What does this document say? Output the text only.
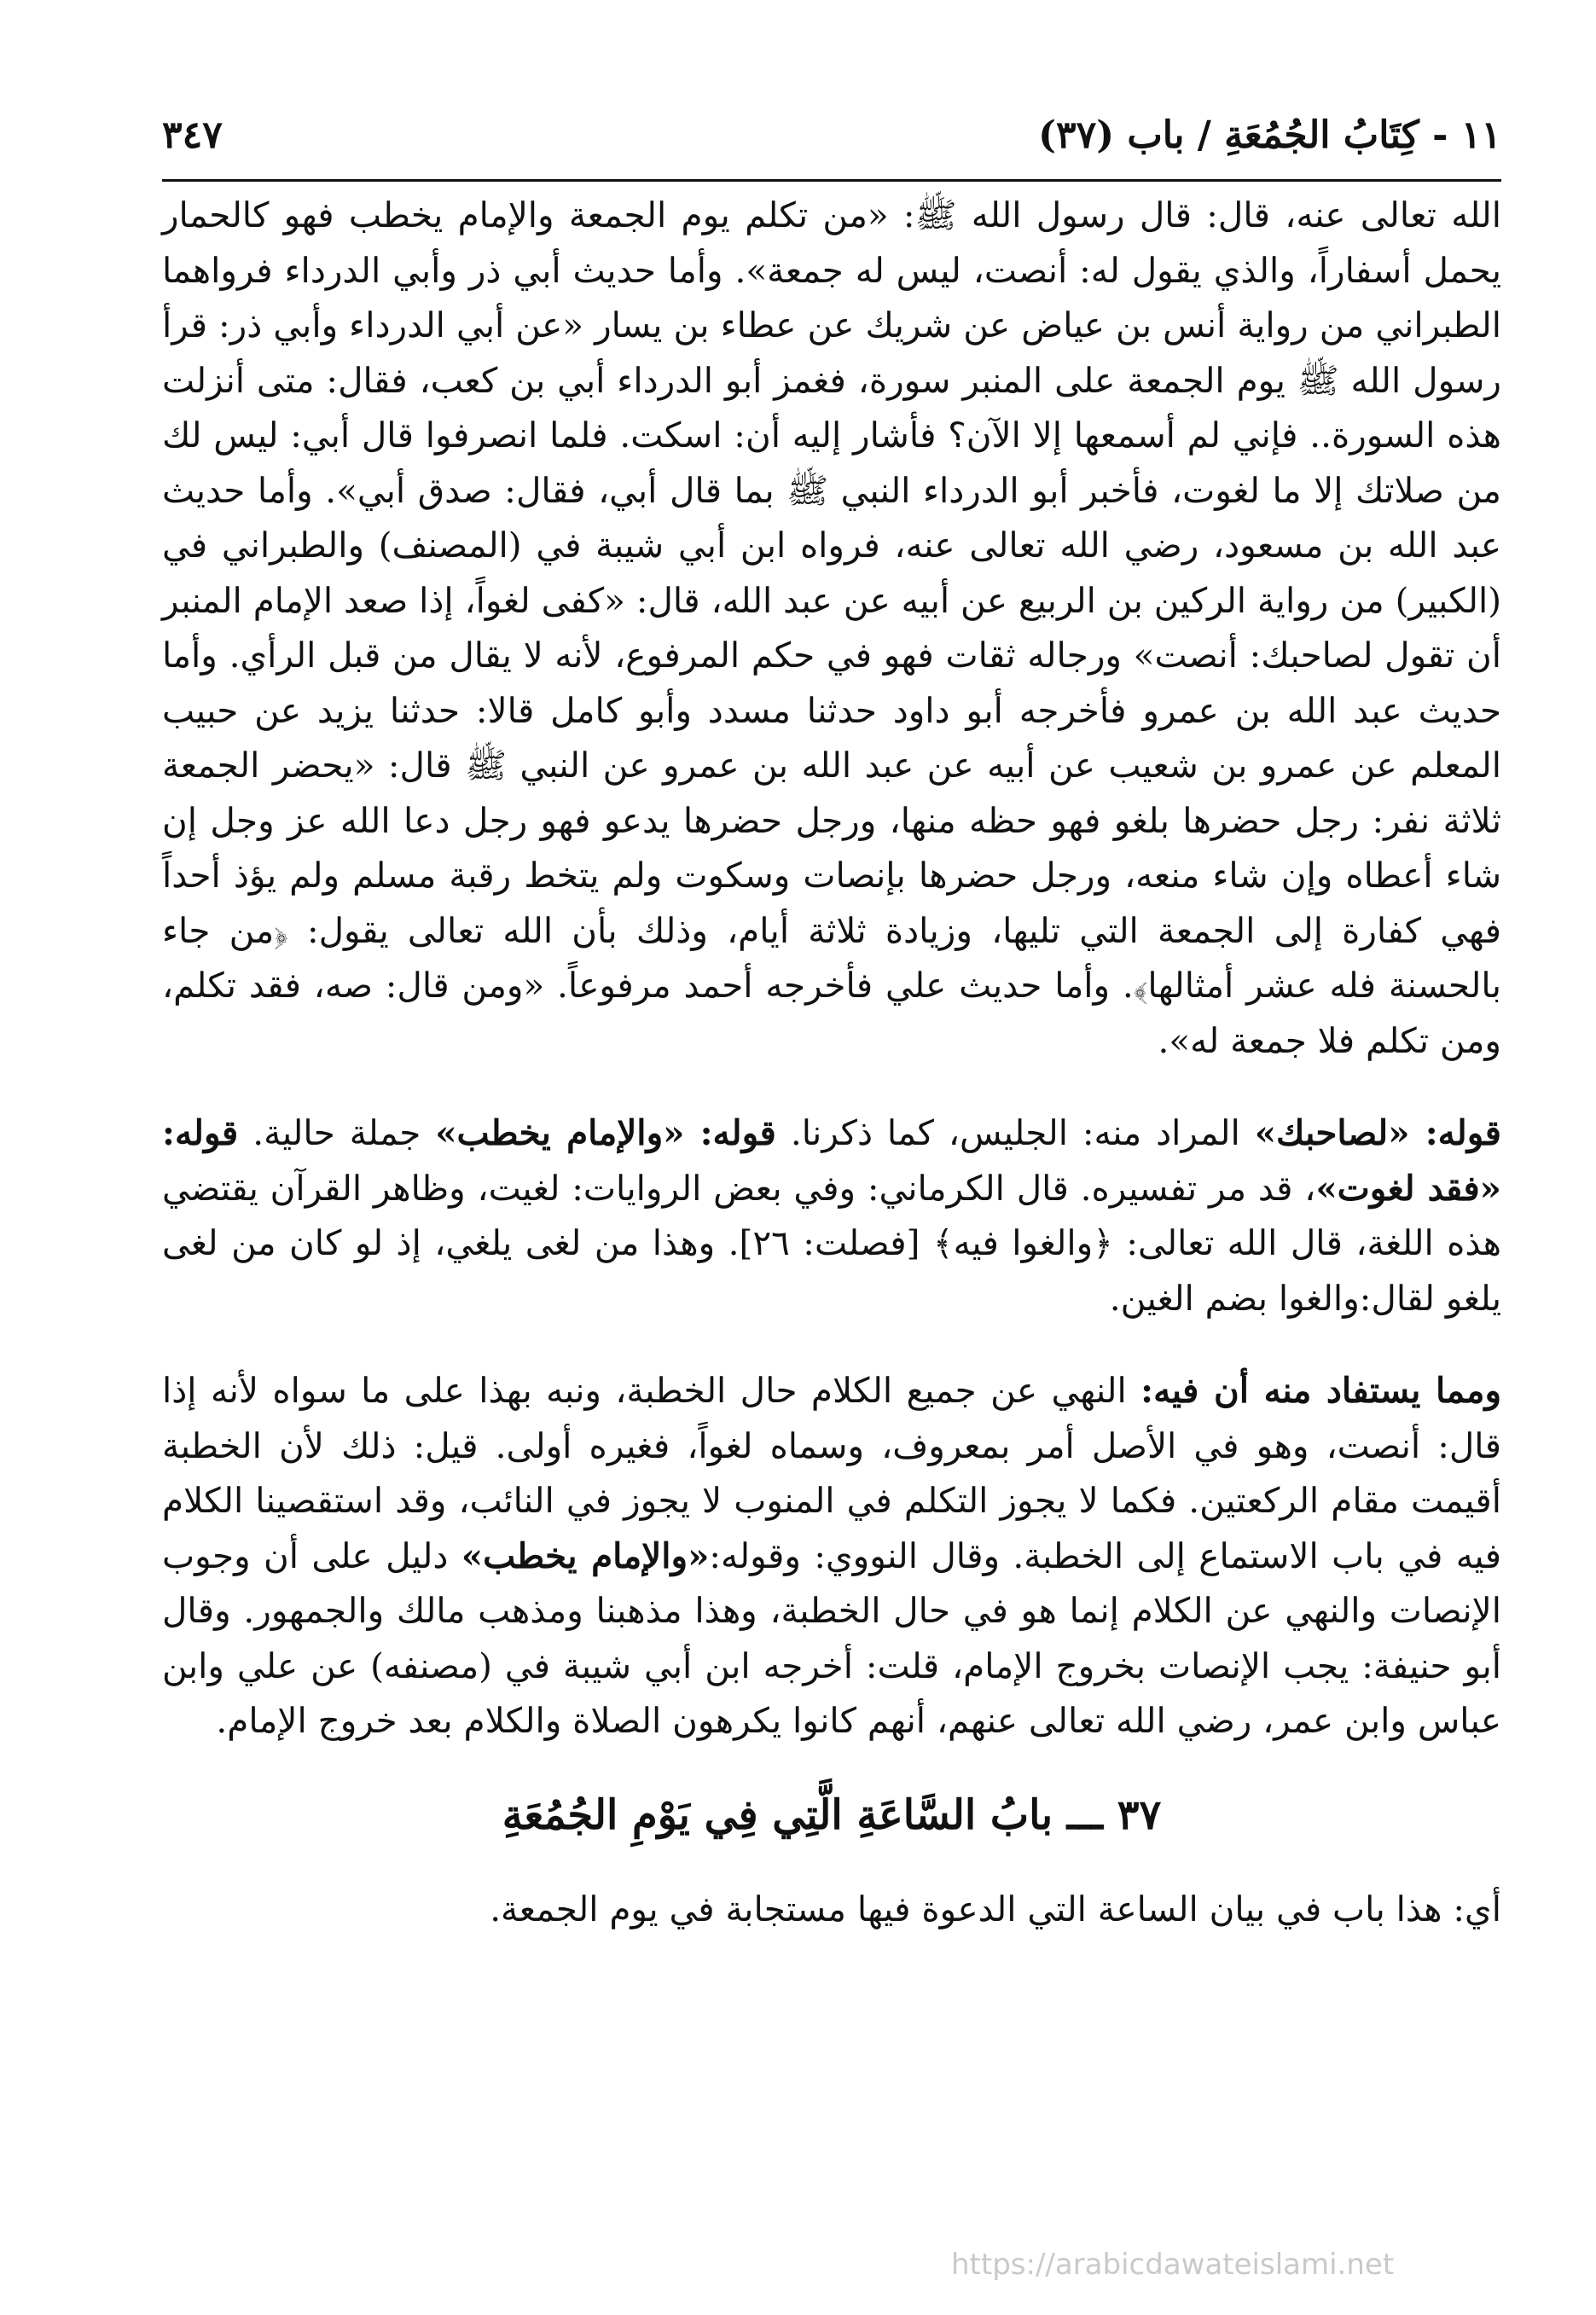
١١ - كِتَابُ الجُمُعَةِ / باب (٣٧)
٣٤٧

الله تعالى عنه، قال: قال رسول الله ﷺ: «من تكلم يوم الجمعة والإمام يخطب فهو كالحمار يحمل أسفاراً، والذي يقول له: أنصت، ليس له جمعة». وأما حديث أبي ذر وأبي الدرداء فرواهما الطبراني من رواية أنس بن عياض عن شريك عن عطاء بن يسار «عن أبي الدرداء وأبي ذر: قرأ رسول الله ﷺ يوم الجمعة على المنبر سورة، فغمز أبو الدرداء أبي بن كعب، فقال: متى أنزلت هذه السورة.. فإني لم أسمعها إلا الآن؟ فأشار إليه أن: اسكت. فلما انصرفوا قال أبي: ليس لك من صلاتك إلا ما لغوت، فأخبر أبو الدرداء النبي ﷺ بما قال أبي، فقال: صدق أبي». وأما حديث عبد الله بن مسعود، رضي الله تعالى عنه، فرواه ابن أبي شيبة في (المصنف) والطبراني في (الكبير) من رواية الركين بن الربيع عن أبيه عن عبد الله، قال: «كفى لغواً، إذا صعد الإمام المنبر أن تقول لصاحبك: أنصت» ورجاله ثقات فهو في حكم المرفوع، لأنه لا يقال من قبل الرأي. وأما حديث عبد الله بن عمرو فأخرجه أبو داود حدثنا مسدد وأبو كامل قالا: حدثنا يزيد عن حبيب المعلم عن عمرو بن شعيب عن أبيه عن عبد الله بن عمرو عن النبي ﷺ قال: «يحضر الجمعة ثلاثة نفر: رجل حضرها بلغو فهو حظه منها، ورجل حضرها يدعو فهو رجل دعا الله عز وجل إن شاء أعطاه وإن شاء منعه، ورجل حضرها بإنصات وسكوت ولم يتخط رقبة مسلم ولم يؤذ أحداً فهي كفارة إلى الجمعة التي تليها، وزيادة ثلاثة أيام، وذلك بأن الله تعالى يقول: ﴿من جاء بالحسنة فله عشر أمثالها﴾. وأما حديث علي فأخرجه أحمد مرفوعاً. «ومن قال: صه، فقد تكلم، ومن تكلم فلا جمعة له».

قوله: «لصاحبك» المراد منه: الجليس، كما ذكرنا. قوله: «والإمام يخطب» جملة حالية. قوله: «فقد لغوت»، قد مر تفسيره. قال الكرماني: وفي بعض الروايات: لغيت، وظاهر القرآن يقتضي هذه اللغة، قال الله تعالى: ﴿والغوا فيه﴾ [فصلت: ٢٦]. وهذا من لغى يلغي، إذ لو كان من لغى يلغو لقال:والغوا بضم الغين.

ومما يستفاد منه أن فيه: النهي عن جميع الكلام حال الخطبة، ونبه بهذا على ما سواه لأنه إذا قال: أنصت، وهو في الأصل أمر بمعروف، وسماه لغواً، فغيره أولى. قيل: ذلك لأن الخطبة أقيمت مقام الركعتين. فكما لا يجوز التكلم في المنوب لا يجوز في النائب، وقد استقصينا الكلام فيه في باب الاستماع إلى الخطبة. وقال النووي: وقوله:«والإمام يخطب» دليل على أن وجوب الإنصات والنهي عن الكلام إنما هو في حال الخطبة، وهذا مذهبنا ومذهب مالك والجمهور. وقال أبو حنيفة: يجب الإنصات بخروج الإمام، قلت: أخرجه ابن أبي شيبة في (مصنفه) عن علي وابن عباس وابن عمر، رضي الله تعالى عنهم، أنهم كانوا يكرهون الصلاة والكلام بعد خروج الإمام.

٣٧ ـــ بابُ السَّاعَةِ الَّتِي فِي يَوْمِ الجُمُعَةِ

أي: هذا باب في بيان الساعة التي الدعوة فيها مستجابة في يوم الجمعة.

https://arabicdawateislami.net
